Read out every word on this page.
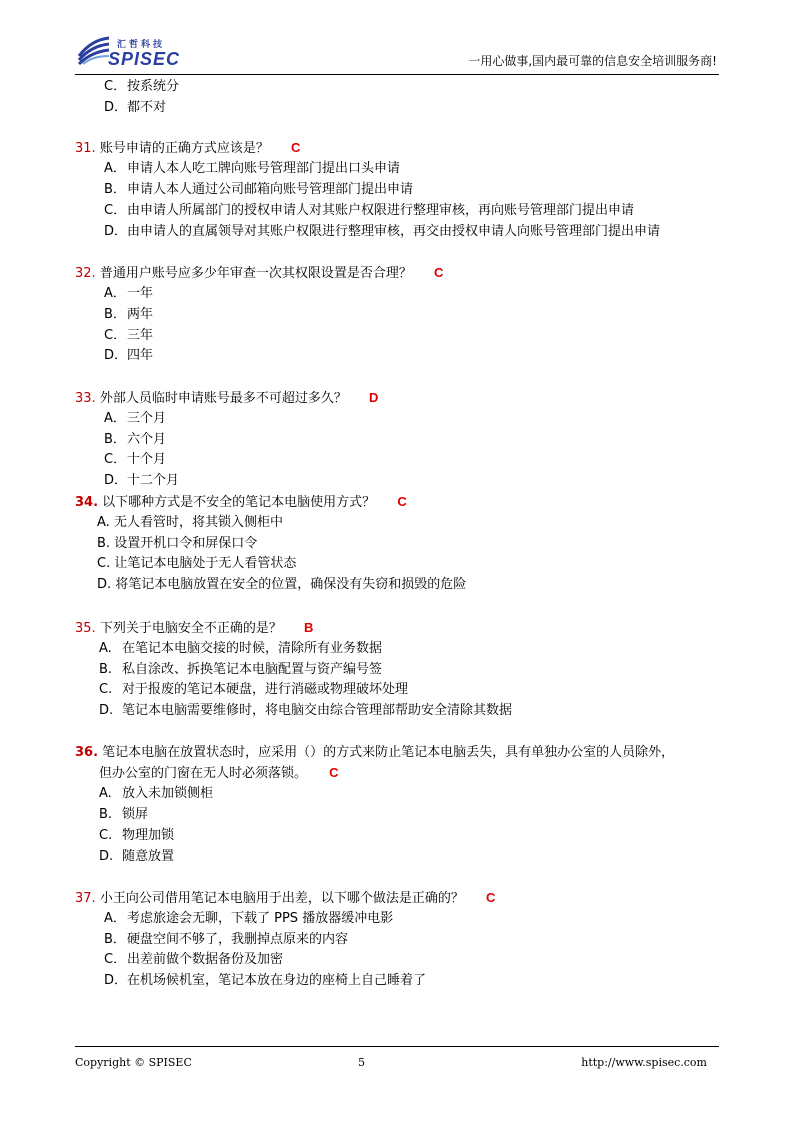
汇哲科技
SPISEC	一用心做事,国内最可靠的信息安全培训服务商!
C．按系统分
D．都不对
31. 账号申请的正确方式应该是？ C
A．申请人本人吃工牌向账号管理部门提出口头申请
B．申请人本人通过公司邮箱向账号管理部门提出申请
C．由申请人所属部门的授权申请人对其账户权限进行整理审核，再向账号管理部门提出申请
D．由申请人的直属领导对其账户权限进行整理审核，再交由授权申请人向账号管理部门提出申请
32. 普通用户账号应多少年审查一次其权限设置是否合理？ C
A．一年
B．两年
C．三年
D．四年
33. 外部人员临时申请账号最多不可超过多久？ D
A．三个月
B．六个月
C．十个月
D．十二个月
34. 以下哪种方式是不安全的笔记本电脑使用方式？ C
A. 无人看管时，将其锁入侧柜中
B. 设置开机口令和屏保口令
C. 让笔记本电脑处于无人看管状态
D. 将笔记本电脑放置在安全的位置，确保没有失窃和损毁的危险
35. 下列关于电脑安全不正确的是？ B
A. 在笔记本电脑交接的时候，清除所有业务数据
B. 私自涂改、拆换笔记本电脑配置与资产编号签
C. 对于报废的笔记本硬盘，进行消磁或物理破坏处理
D. 笔记本电脑需要维修时，将电脑交由综合管理部帮助安全清除其数据
36. 笔记本电脑在放置状态时，应采用（）的方式来防止笔记本电脑丢失，具有单独办公室的人员除外，
但办公室的门窗在无人时必须落锁。 C
A. 放入未加锁侧柜
B. 锁屏
C. 物理加锁
D. 随意放置
37. 小王向公司借用笔记本电脑用于出差，以下哪个做法是正确的？ C
A．考虑旅途会无聊，下载了 PPS 播放器缓冲电影
B．硬盘空间不够了，我删掉点原来的内容
C．出差前做个数据备份及加密
D．在机场候机室，笔记本放在身边的座椅上自己睡着了
Copyright © SPISEC	5	http://www.spisec.com
